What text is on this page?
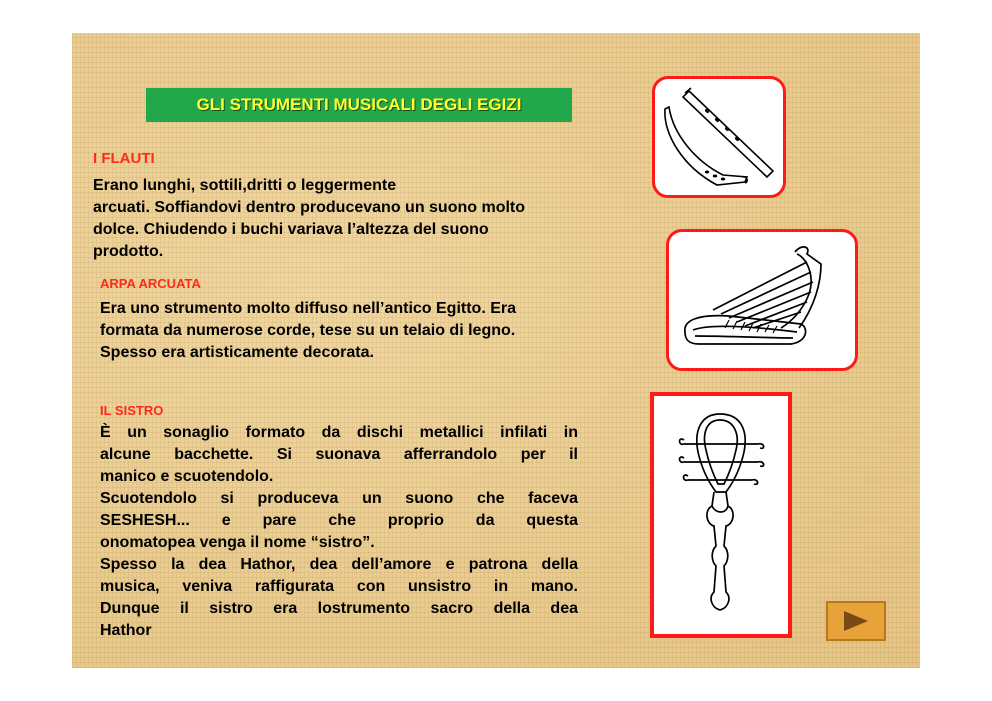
GLI STRUMENTI MUSICALI DEGLI EGIZI
I FLAUTI
Erano lunghi, sottili,dritti o leggermente
arcuati. Soffiandovi dentro producevano un suono molto
dolce. Chiudendo i buchi variava l’altezza del suono
prodotto.
ARPA ARCUATA
Era uno strumento molto diffuso nell’antico Egitto. Era
formata da numerose corde, tese su un telaio di legno.
Spesso era artisticamente decorata.
IL SISTRO
È un sonaglio formato da dischi metallici infilati in
alcune bacchette. Si suonava afferrandolo per il
manico e scuotendolo.
Scuotendolo si produceva un suono che faceva
SESHESH... e pare che proprio da questa
onomatopea venga il nome “sistro”.
Spesso la dea Hathor, dea dell’amore e patrona della
musica, veniva raffigurata con unsistro in mano.
Dunque il sistro era lostrumento sacro della dea
Hathor
